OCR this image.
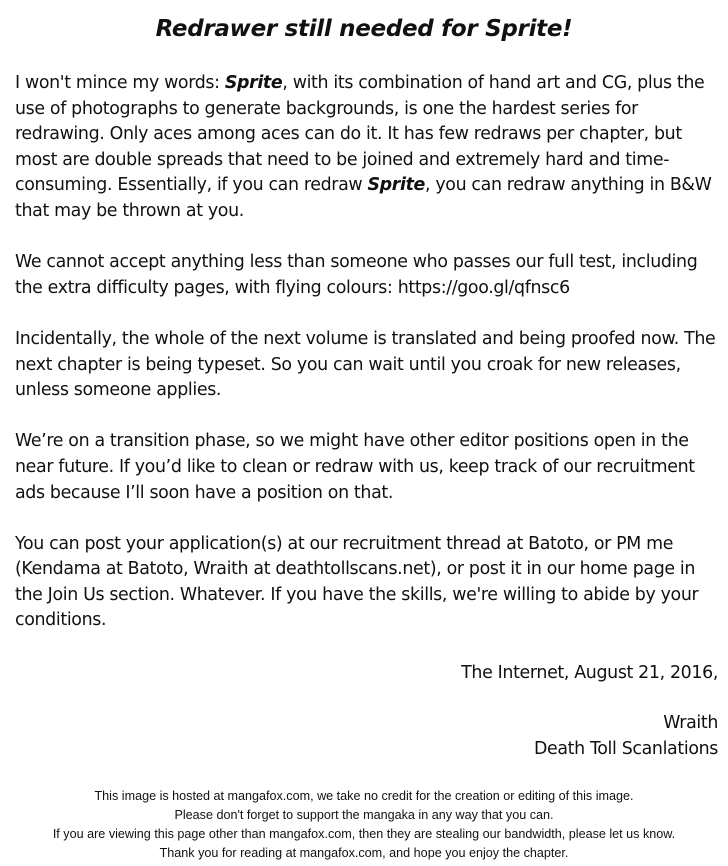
Redrawer still needed for Sprite!

I won't mince my words: Sprite, with its combination of hand art and CG, plus the use of photographs to generate backgrounds, is one the hardest series for redrawing. Only aces among aces can do it. It has few redraws per chapter, but most are double spreads that need to be joined and extremely hard and time-consuming. Essentially, if you can redraw Sprite, you can redraw anything in B&W that may be thrown at you.

We cannot accept anything less than someone who passes our full test, including the extra difficulty pages, with flying colours: https://goo.gl/qfnsc6

Incidentally, the whole of the next volume is translated and being proofed now. The next chapter is being typeset. So you can wait until you croak for new releases, unless someone applies.

We’re on a transition phase, so we might have other editor positions open in the near future. If you’d like to clean or redraw with us, keep track of our recruitment ads because I’ll soon have a position on that.

You can post your application(s) at our recruitment thread at Batoto, or PM me (Kendama at Batoto, Wraith at deathtollscans.net), or post it in our home page in the Join Us section. Whatever. If you have the skills, we're willing to abide by your conditions.

The Internet, August 21, 2016,
Wraith
Death Toll Scanlations
This image is hosted at mangafox.com, we take no credit for the creation or editing of this image.
Please don't forget to support the mangaka in any way that you can.
If you are viewing this page other than mangafox.com, then they are stealing our bandwidth, please let us know.
Thank you for reading at mangafox.com, and hope you enjoy the chapter.
